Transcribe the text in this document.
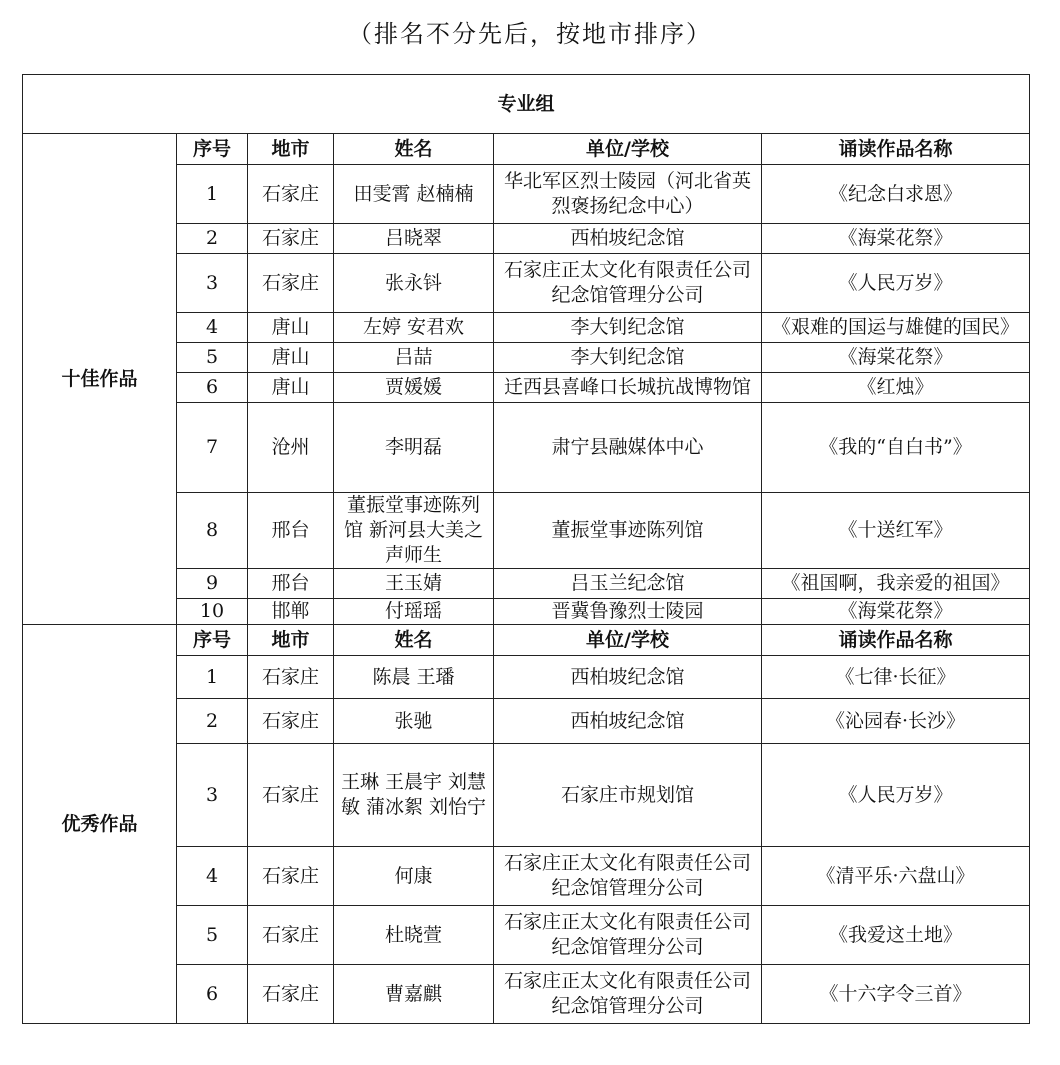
（排名不分先后，按地市排序）
专业组					
十佳作品	序号	地市	姓名	单位/学校	诵读作品名称
	1	石家庄	田雯霄 赵楠楠	华北军区烈士陵园（河北省英烈褒扬纪念中心）	《纪念白求恩》
	2	石家庄	吕晓翠	西柏坡纪念馆	《海棠花祭》
	3	石家庄	张永钭	石家庄正太文化有限责任公司纪念馆管理分公司	《人民万岁》
	4	唐山	左婷 安君欢	李大钊纪念馆	《艰难的国运与雄健的国民》
	5	唐山	吕喆	李大钊纪念馆	《海棠花祭》
	6	唐山	贾媛媛	迁西县喜峰口长城抗战博物馆	《红烛》
	7	沧州	李明磊	肃宁县融媒体中心	《我的“自白书”》
	8	邢台	董振堂事迹陈列馆 新河县大美之声师生	董振堂事迹陈列馆	《十送红军》
	9	邢台	王玉婧	吕玉兰纪念馆	《祖国啊，我亲爱的祖国》
	10	邯郸	付瑶瑶	晋冀鲁豫烈士陵园	《海棠花祭》
优秀作品	序号	地市	姓名	单位/学校	诵读作品名称
	1	石家庄	陈晨 王璠	西柏坡纪念馆	《七律·长征》
	2	石家庄	张驰	西柏坡纪念馆	《沁园春·长沙》
	3	石家庄	王琳 王晨宇 刘慧敏 蒲冰絮 刘怡宁	石家庄市规划馆	《人民万岁》
	4	石家庄	何康	石家庄正太文化有限责任公司纪念馆管理分公司	《清平乐·六盘山》
	5	石家庄	杜晓萱	石家庄正太文化有限责任公司纪念馆管理分公司	《我爱这土地》
	6	石家庄	曹嘉麒	石家庄正太文化有限责任公司纪念馆管理分公司	《十六字令三首》
